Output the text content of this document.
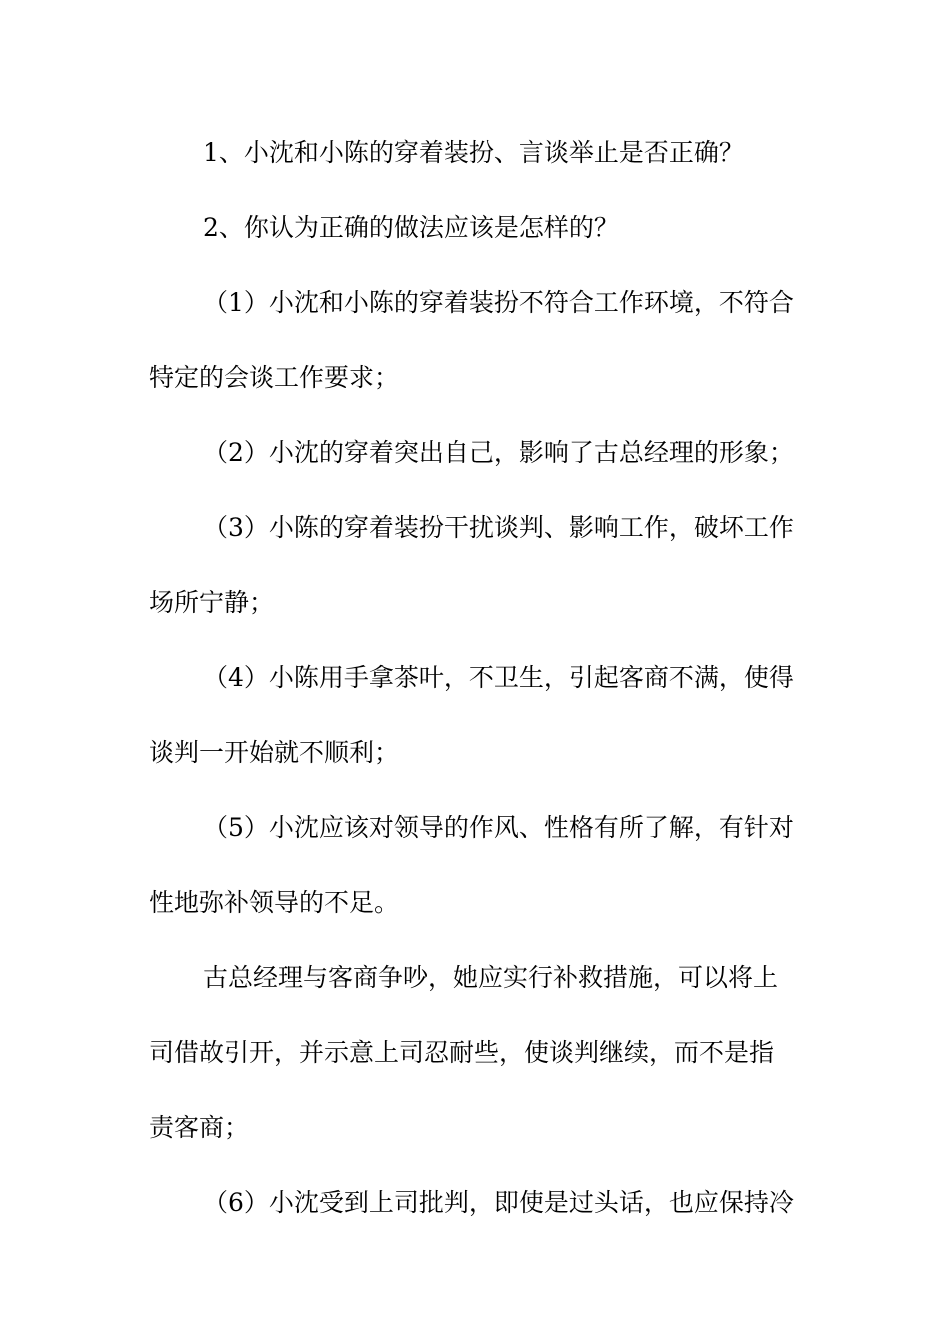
1、小沈和小陈的穿着装扮、言谈举止是否正确？
2、你认为正确的做法应该是怎样的？
（1）小沈和小陈的穿着装扮不符合工作环境，不符合
特定的会谈工作要求；
（2）小沈的穿着突出自己，影响了古总经理的形象；
（3）小陈的穿着装扮干扰谈判、影响工作，破坏工作
场所宁静；
（4）小陈用手拿茶叶，不卫生，引起客商不满，使得
谈判一开始就不顺利；
（5）小沈应该对领导的作风、性格有所了解，有针对
性地弥补领导的不足。
古总经理与客商争吵，她应实行补救措施，可以将上
司借故引开，并示意上司忍耐些，使谈判继续，而不是指
责客商；
（6）小沈受到上司批判，即使是过头话，也应保持冷
